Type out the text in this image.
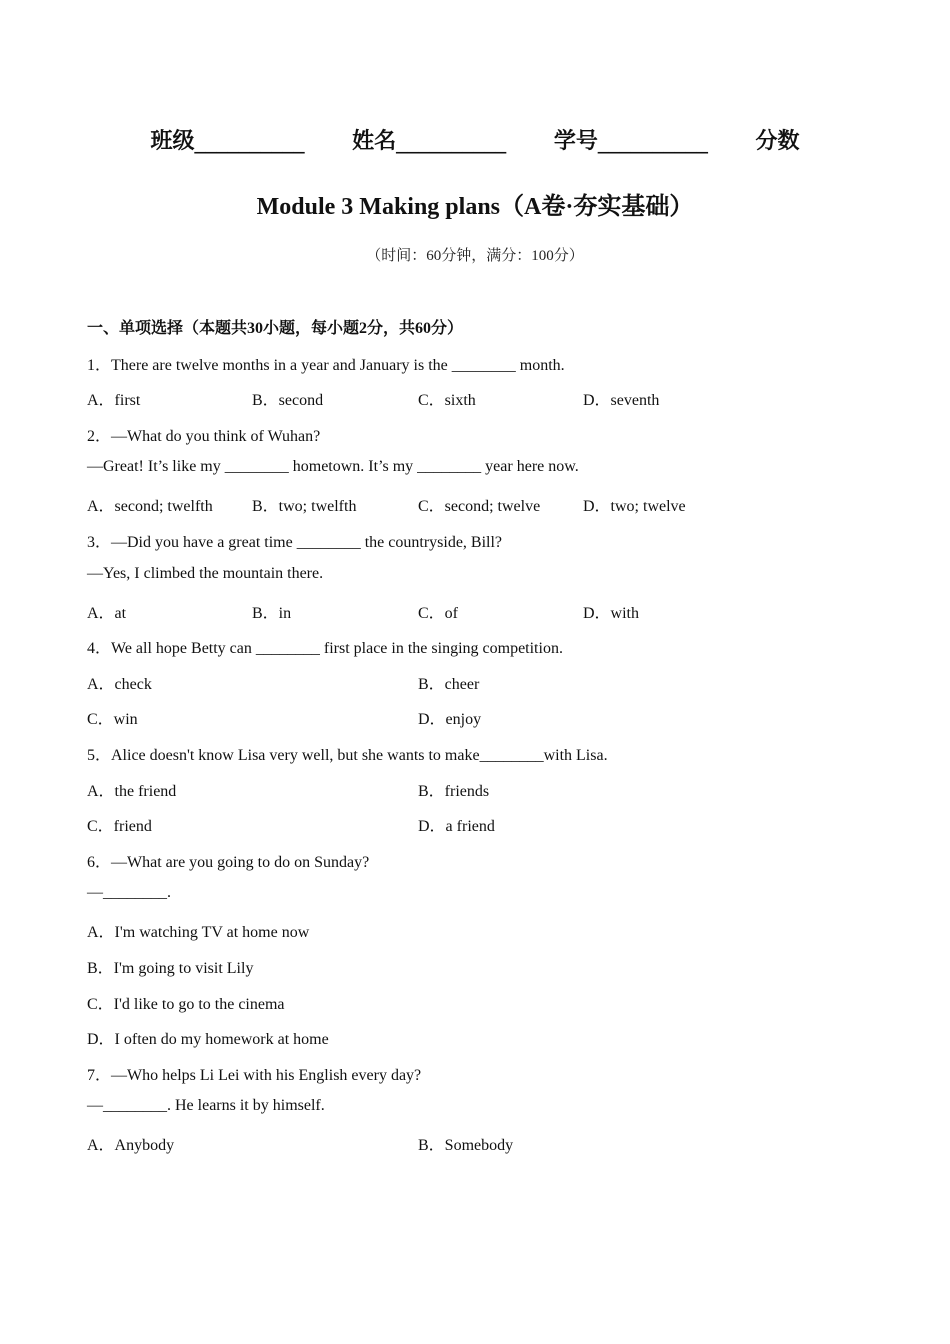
班级__________ 姓名__________ 学号__________ 分数
Module 3 Making plans（A卷·夯实基础）
（时间：60分钟，满分：100分）
一、单项选择（本题共30小题，每小题2分，共60分）
1．There are twelve months in a year and January is the ________ month.
A．first	B．second	C．sixth	D．seventh
2．—What do you think of Wuhan?
—Great! It’s like my ________ hometown. It’s my ________ year here now.
A．second; twelfth B．two; twelfth	C．second; twelve	D．two; twelve
3．—Did you have a great time ________ the countryside, Bill?
—Yes, I climbed the mountain there.
A．at	B．in	C．of	D．with
4．We all hope Betty can ________ first place in the singing competition.
A．check	B．cheer
C．win	D．enjoy
5．Alice doesn't know Lisa very well, but she wants to make________with Lisa.
A．the friend	B．friends
C．friend	D．a friend
6．—What are you going to do on Sunday?
—________.
A．I'm watching TV at home now
B．I'm going to visit Lily
C．I'd like to go to the cinema
D．I often do my homework at home
7．—Who helps Li Lei with his English every day?
—________. He learns it by himself.
A．Anybody	B．Somebody
